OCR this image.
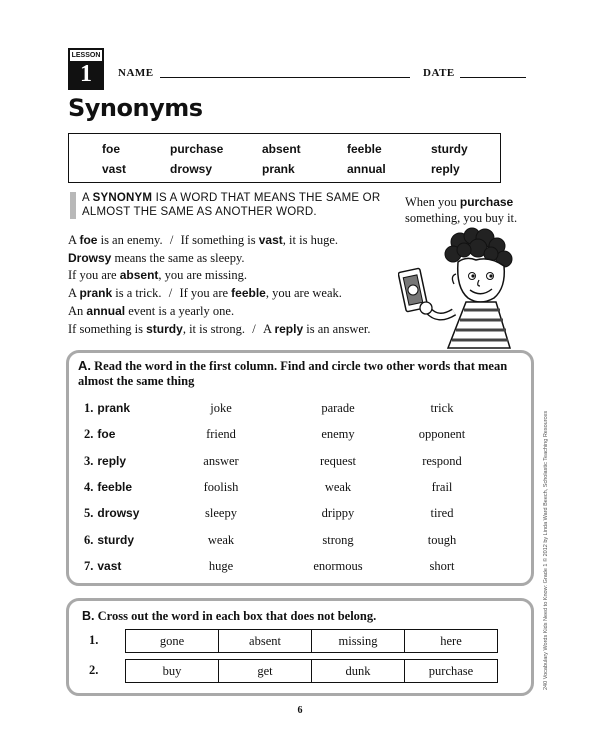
LESSON
1	NAME	DATE
Synonyms
foe	purchase	absent	feeble	sturdy
vast	drowsy	prank	annual	reply
A SYNONYM IS A WORD THAT MEANS THE SAME OR ALMOST THE SAME AS ANOTHER WORD.
When you purchase something, you buy it.
A foe is an enemy. / If something is vast, it is huge.
Drowsy means the same as sleepy.
If you are absent, you are missing.
A prank is a trick. / If you are feeble, you are weak.
An annual event is a yearly one.
If something is sturdy, it is strong. / A reply is an answer.
A. Read the word in the first column. Find and circle two other words that mean almost the same thing
1. prank	joke	parade	trick
2. foe	friend	enemy	opponent
3. reply	answer	request	respond
4. feeble	foolish	weak	frail
5. drowsy	sleepy	drippy	tired
6. sturdy	weak	strong	tough
7. vast	huge	enormous	short
B. Cross out the word in each box that does not belong.
1.	gone	absent	missing	here
2.	buy	get	dunk	purchase	240 Vocabulary Words Kids Need to Know: Grade 1 © 2012 by Linda Ward Beech, Scholastic Teaching Resources
6
